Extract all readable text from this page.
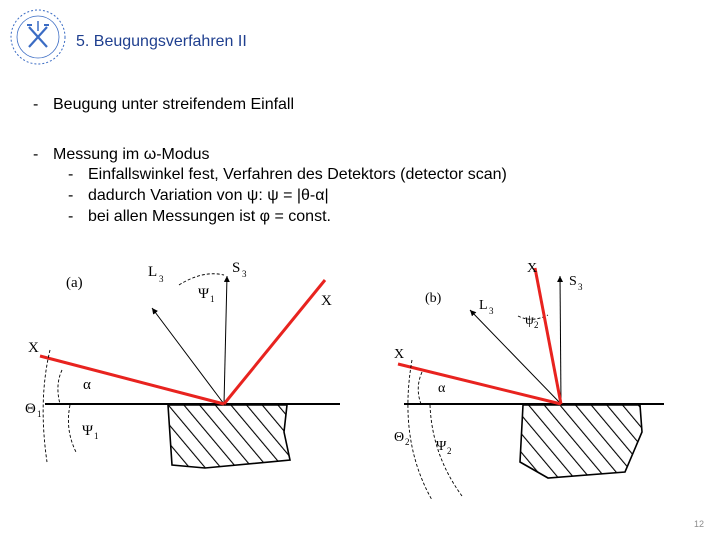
5. Beugungsverfahren II
- Beugung unter streifendem Einfall
- Messung im ω-Modus
- Einfallswinkel fest, Verfahren des Detektors (detector scan)
- dadurch Variation von ψ: ψ = |θ-α|
- bei allen Messungen ist φ = const.
(a)
L 3
S 3
Ψ 1	X
X
α
Θ 1
Ψ 1
(b)
X
S 3
L 3
ψ 2
X
α
Θ 2 Ψ 2
12
